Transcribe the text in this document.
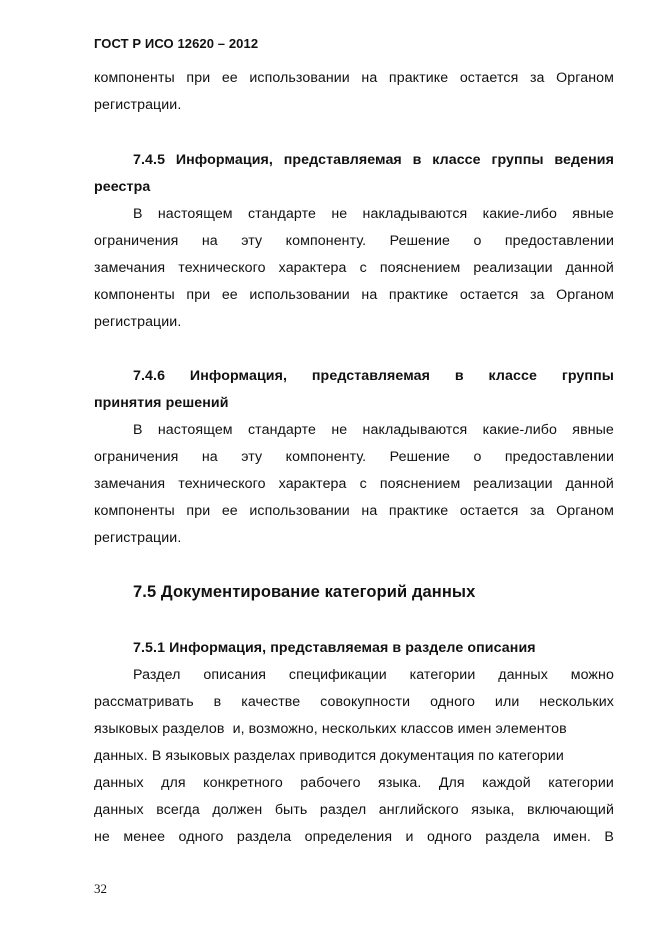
ГОСТ Р ИСО 12620 – 2012
компоненты при ее использовании на практике остается за Органом
регистрации.
7.4.5 Информация, представляемая в классе группы ведения
реестра
В настоящем стандарте не накладываются какие-либо явные
ограничения на эту компоненту. Решение о предоставлении
замечания технического характера с пояснением реализации данной
компоненты при ее использовании на практике остается за Органом
регистрации.
7.4.6 Информация, представляемая в классе группы
принятия решений
В настоящем стандарте не накладываются какие-либо явные
ограничения на эту компоненту. Решение о предоставлении
замечания технического характера с пояснением реализации данной
компоненты при ее использовании на практике остается за Органом
регистрации.
7.5 Документирование категорий данных
7.5.1 Информация, представляемая в разделе описания
Раздел описания спецификации категории данных можно
рассматривать в качестве совокупности одного или нескольких
языковых разделов  и, возможно, нескольких классов имен элементов
данных. В языковых разделах приводится документация по категории
данных для конкретного рабочего языка. Для каждой категории
данных всегда должен быть раздел английского языка, включающий
не менее одного раздела определения и одного раздела имен. В
32
